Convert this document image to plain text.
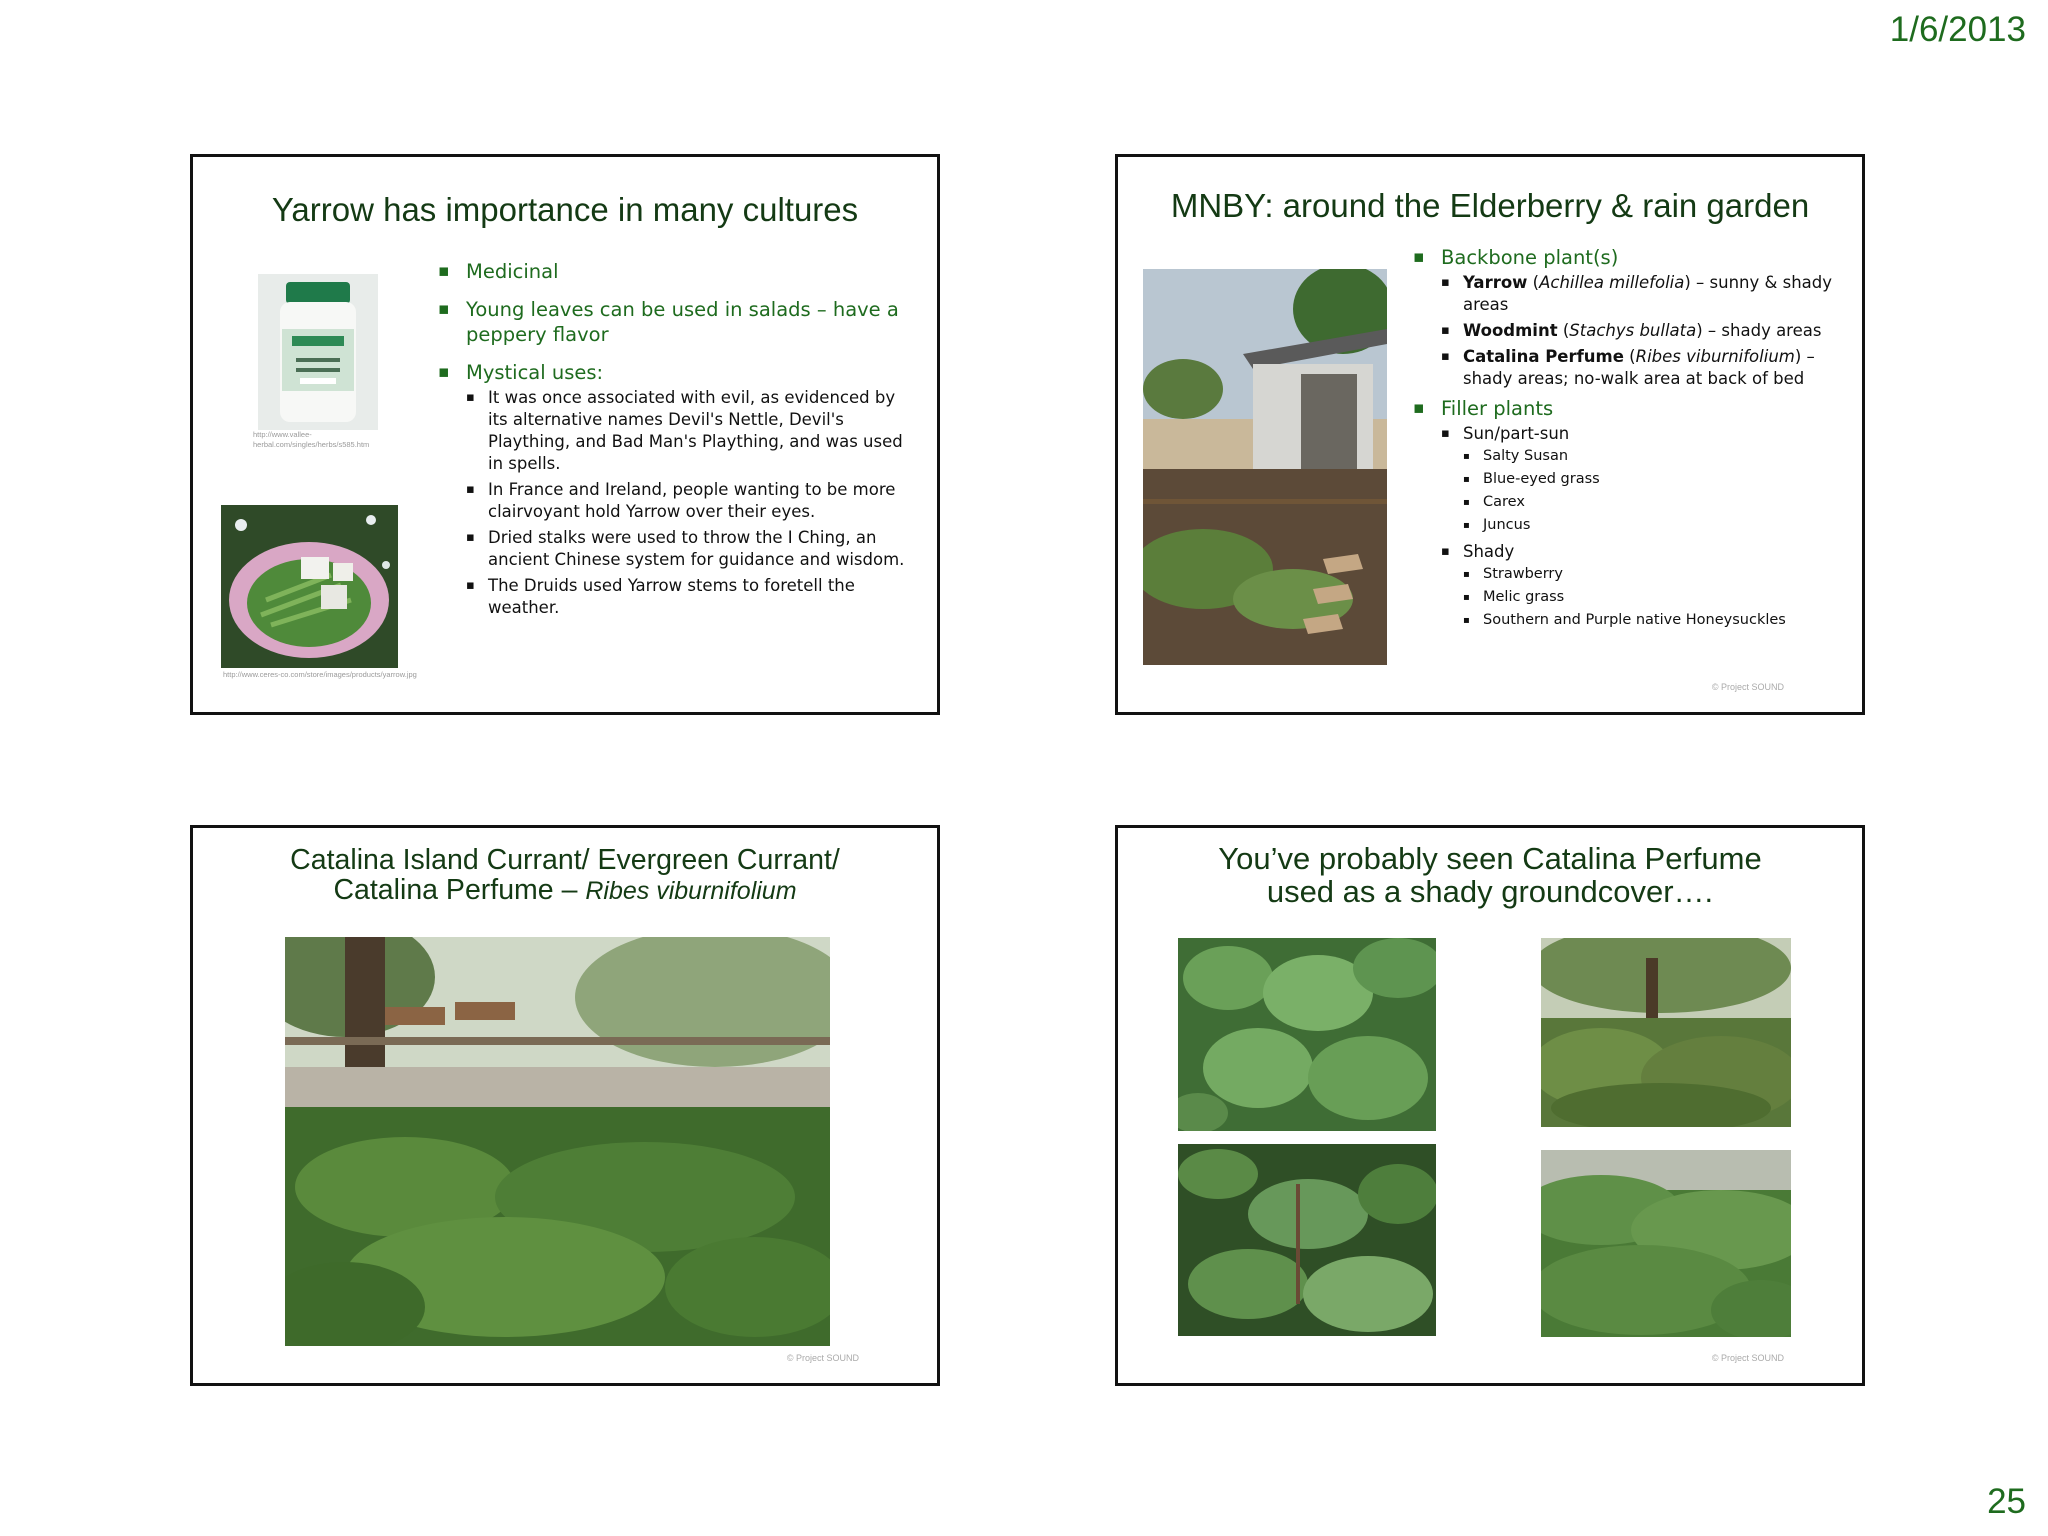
1/6/2013
Yarrow has importance in many cultures
http://www.vallee-herbal.com/singles/herbs/s585.htm
http://www.ceres-co.com/store/images/products/yarrow.jpg
▪ Medicinal
▪ Young leaves can be used in salads – have a peppery flavor
▪ Mystical uses:
▪ It was once associated with evil, as evidenced by its alternative names Devil's Nettle, Devil's Plaything, and Bad Man's Plaything, and was used in spells.
▪ In France and Ireland, people wanting to be more clairvoyant hold Yarrow over their eyes.
▪ Dried stalks were used to throw the I Ching, an ancient Chinese system for guidance and wisdom.
▪ The Druids used Yarrow stems to foretell the weather.
MNBY: around the Elderberry & rain garden
▪ Backbone plant(s)
▪ Yarrow (Achillea millefolia) – sunny & shady areas
▪ Woodmint (Stachys bullata) – shady areas
▪ Catalina Perfume (Ribes viburnifolium) – shady areas; no-walk area at back of bed
▪ Filler plants
▪ Sun/part-sun
▪ Salty Susan
▪ Blue-eyed grass
▪ Carex
▪ Juncus
▪ Shady
▪ Strawberry
▪ Melic grass
▪ Southern and Purple native Honeysuckles
© Project SOUND
Catalina Island Currant/ Evergreen Currant/
Catalina Perfume – Ribes viburnifolium
© Project SOUND
You’ve probably seen Catalina Perfume
used as a shady groundcover….
© Project SOUND
25
